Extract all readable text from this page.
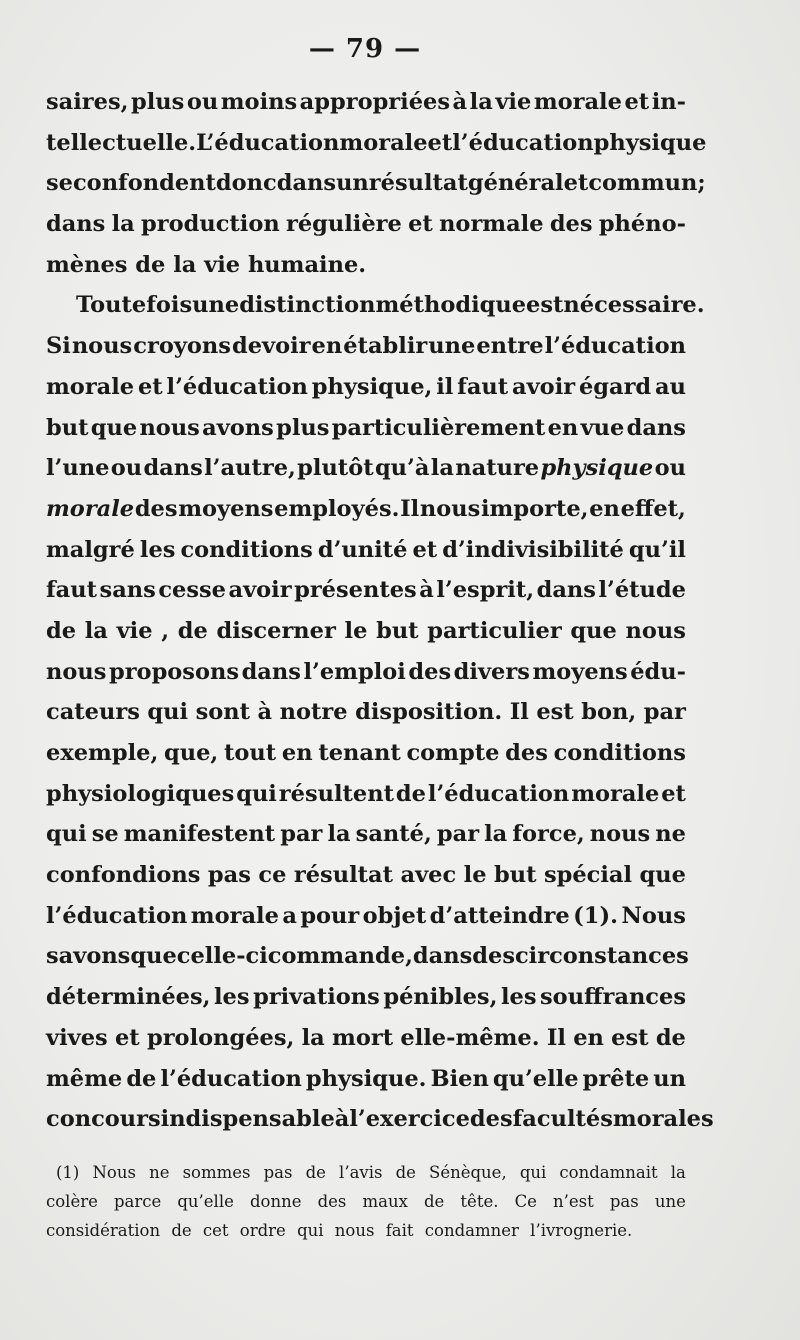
— 79 —
saires, plus ou moins appropriées à la vie morale et in-
tellectuelle. L’éducation morale et l’éducation physique
se confondent donc dans un résultat général et commun;
dans la production régulière et normale des phéno-
mènes de la vie humaine.
Toutefois une distinction méthodique est nécessaire.
Si nous croyons devoir en établir une entre l’éducation
morale et l’éducation physique, il faut avoir égard au
but que nous avons plus particulièrement en vue dans
l’une ou dans l’autre, plutôt qu’à la nature physique ou
morale des moyens employés. Il nous importe, en effet,
malgré les conditions d’unité et d’indivisibilité qu’il
faut sans cesse avoir présentes à l’esprit, dans l’étude
de la vie , de discerner le but particulier que nous
nous proposons dans l’emploi des divers moyens édu-
cateurs qui sont à notre disposition. Il est bon, par
exemple, que, tout en tenant compte des conditions
physiologiques qui résultent de l’éducation morale et
qui se manifestent par la santé, par la force, nous ne
confondions pas ce résultat avec le but spécial que
l’éducation morale a pour objet d’atteindre (1). Nous
savons que celle-ci commande, dans des circonstances
déterminées, les privations pénibles, les souffrances
vives et prolongées, la mort elle-même. Il en est de
même de l’éducation physique. Bien qu’elle prête un
concours indispensable à l’exercice des facultés morales
(1) Nous ne sommes pas de l’avis de Sénèque, qui condamnait la
colère parce qu’elle donne des maux de tête. Ce n’est pas une
considération de cet ordre qui nous fait condamner l’ivrognerie.
